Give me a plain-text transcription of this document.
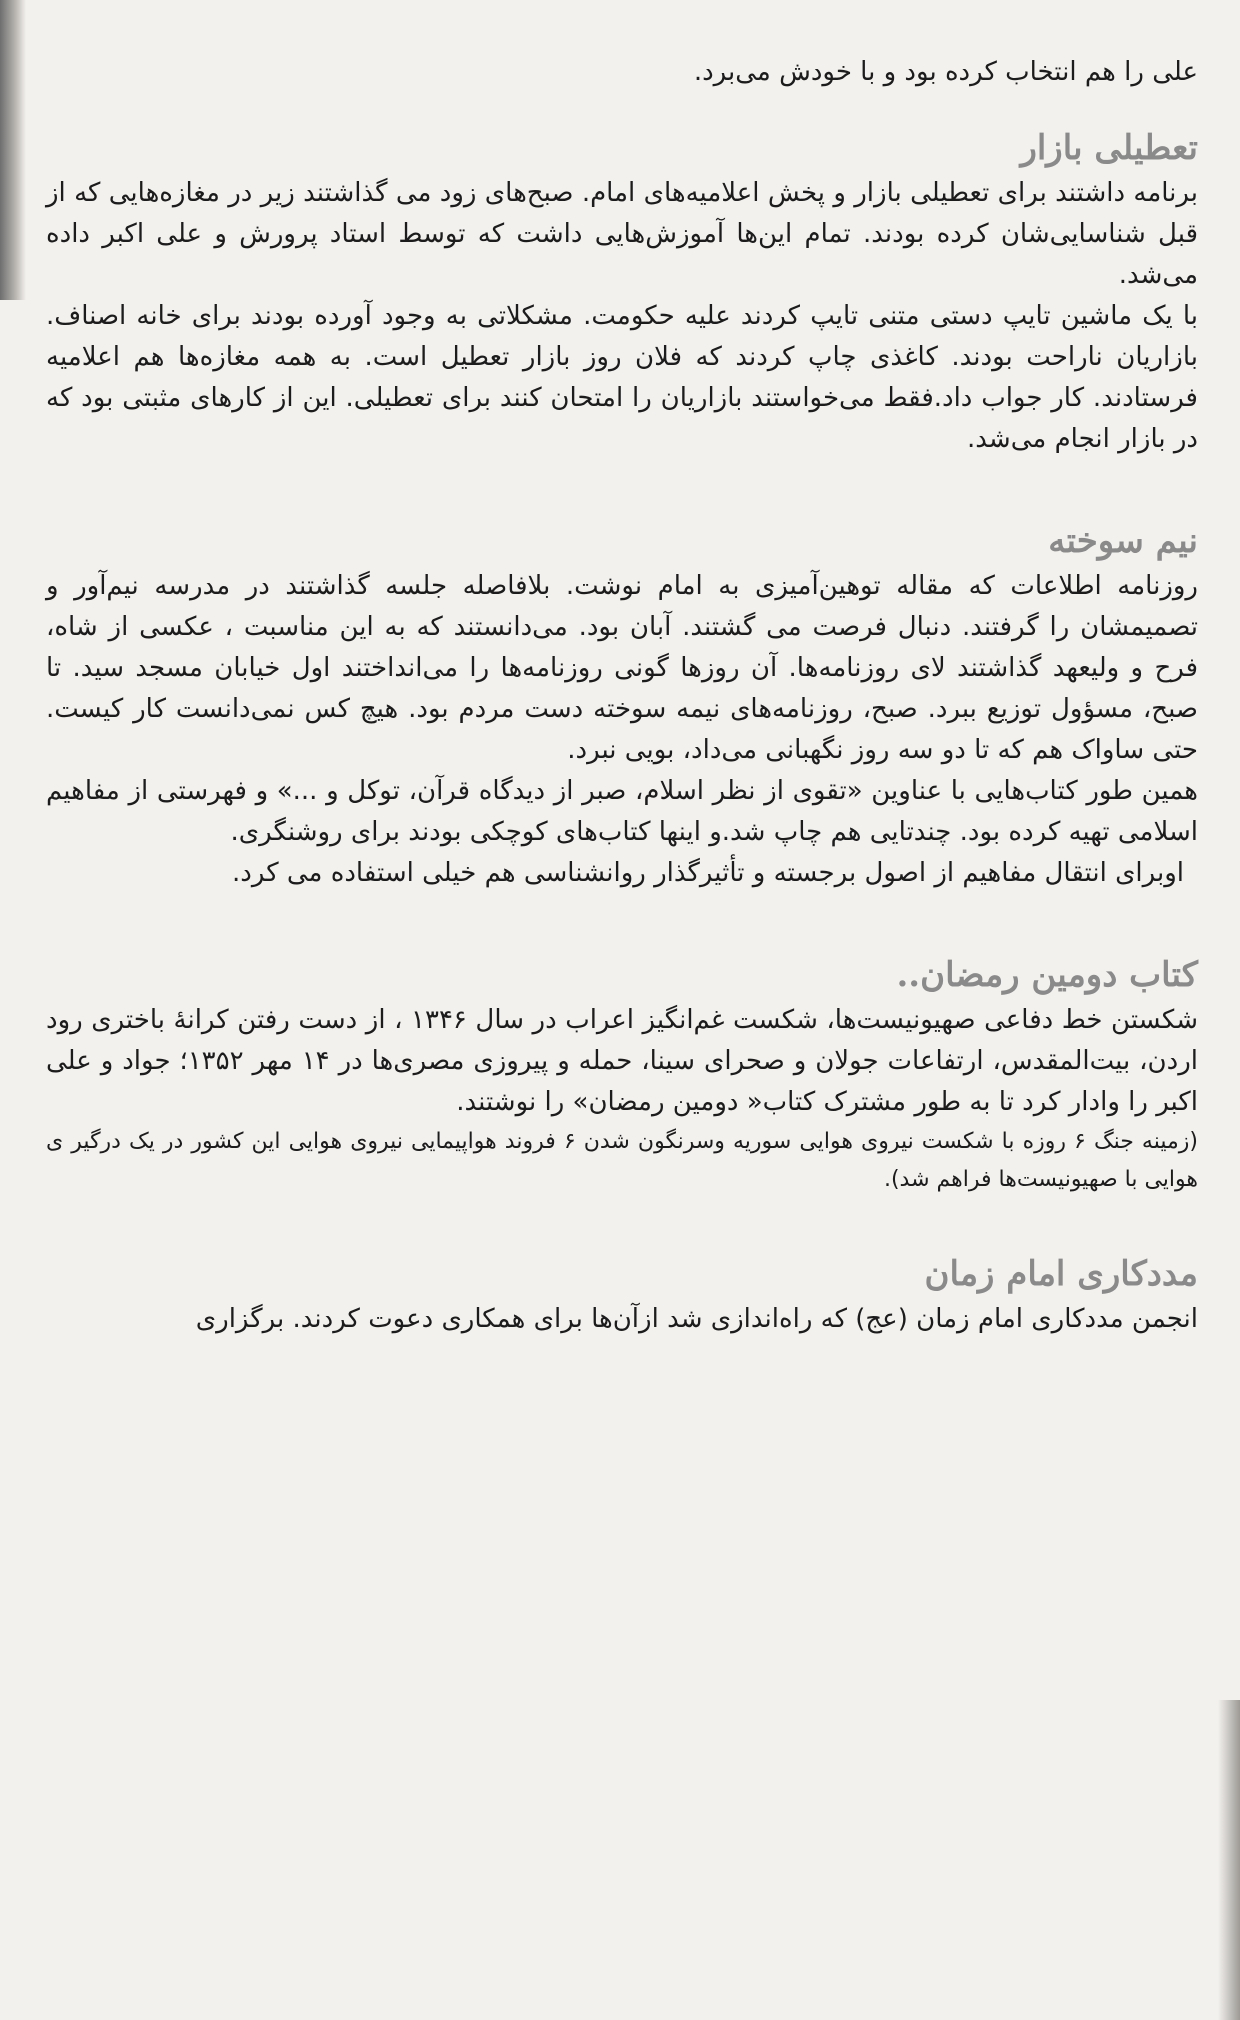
علی را هم انتخاب کرده بود و با خودش می‌برد.

تعطیلی بازار

برنامه داشتند برای تعطیلی بازار و پخش اعلامیه‌های امام. صبح‌های زود می گذاشتند زیر در مغازه‌هایی که از قبل شناسایی‌شان کرده بودند. تمام این‌ها آموزش‌هایی داشت که توسط استاد پرورش و علی اکبر داده می‌شد.

با یک ماشین تایپ دستی متنی تایپ کردند علیه حکومت. مشکلاتی به وجود آورده بودند برای خانه اصناف. بازاریان ناراحت بودند. کاغذی چاپ کردند که فلان روز بازار تعطیل است. به همه مغازه‌ها هم اعلامیه فرستادند. کار جواب داد.فقط می‌خواستند بازاریان را امتحان کنند برای تعطیلی. این از کارهای مثبتی بود که در بازار انجام می‌شد.

نیم سوخته

روزنامه اطلاعات که مقاله توهین‌آمیزی به امام نوشت. بلافاصله جلسه گذاشتند در مدرسه نیم‌آور و تصمیمشان را گرفتند. دنبال فرصت می گشتند. آبان بود. می‌دانستند که به این مناسبت ، عکسی از شاه، فرح و ولیعهد گذاشتند لای روزنامه‌ها. آن روزها گونی روزنامه‌ها را می‌انداختند اول خیابان مسجد سید. تا صبح، مسؤول توزیع ببرد. صبح، روزنامه‌های نیمه سوخته دست مردم بود. هیچ کس نمی‌دانست کار کیست. حتی ساواک هم که تا دو سه روز نگهبانی می‌داد، بویی نبرد.

همین طور کتاب‌هایی با عناوین «تقوی از نظر اسلام، صبر از دیدگاه قرآن، توکل و ...» و فهرستی از مفاهیم اسلامی تهیه کرده بود. چندتایی هم چاپ شد.و اینها کتاب‌های کوچکی بودند برای روشنگری.

اوبرای انتقال مفاهیم از اصول برجسته و تأثیرگذار روانشناسی هم خیلی استفاده می کرد.

کتاب دومین رمضان..

شکستن خط دفاعی صهیونیست‌ها، شکست غم‌انگیز اعراب در سال ۱۳۴۶ ، از دست رفتن کرانهٔ باختری رود اردن، بیت‌المقدس، ارتفاعات جولان و صحرای سینا، حمله و پیروزی مصری‌ها در ۱۴ مهر ۱۳۵۲؛ جواد و علی اکبر را وادار کرد تا به طور مشترک کتاب« دومین رمضان» را نوشتند.

(زمینه جنگ ۶ روزه با شکست نیروی هوایی سوریه وسرنگون شدن ۶ فروند هواپیمایی نیروی هوایی این کشور در یک درگیر ی هوایی با صهیونیست‌ها فراهم شد).

مددکاری امام زمان

انجمن مددکاری امام زمان (عج) که راه‌اندازی شد ازآن‌ها برای همکاری دعوت کردند. برگزاری
